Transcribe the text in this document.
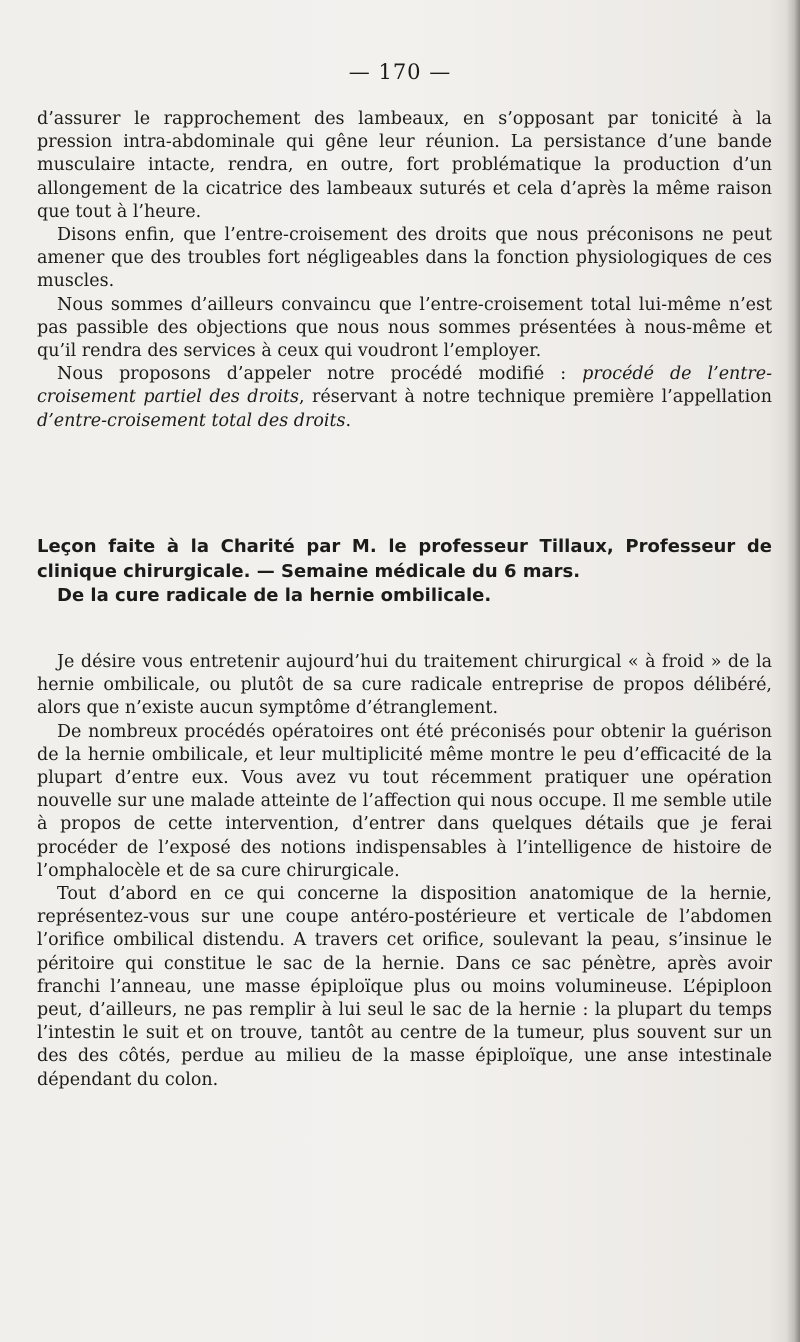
— 170 —

d’assurer le rapprochement des lambeaux, en s’opposant par tonicité à la pression intra-abdominale qui gêne leur réunion. La persistance d’une bande musculaire intacte, rendra, en outre, fort problématique la production d’un allongement de la cicatrice des lambeaux suturés et cela d’après la même raison que tout à l’heure.

Disons enfin, que l’entre-croisement des droits que nous préconisons ne peut amener que des troubles fort négligeables dans la fonction physiologiques de ces muscles.

Nous sommes d’ailleurs convaincu que l’entre-croisement total lui-même n’est pas passible des objections que nous nous sommes présentées à nous-même et qu’il rendra des services à ceux qui voudront l’employer.

Nous proposons d’appeler notre procédé modifié : procédé de l’entre-croisement partiel des droits, réservant à notre technique première l’appellation d’entre-croisement total des droits.

Leçon faite à la Charité par M. le professeur Tillaux, Professeur de clinique chirurgicale. — Semaine médicale du 6 mars.
De la cure radicale de la hernie ombilicale.

Je désire vous entretenir aujourd’hui du traitement chirurgical « à froid » de la hernie ombilicale, ou plutôt de sa cure radicale entreprise de propos délibéré, alors que n’existe aucun symptôme d’étranglement.

De nombreux procédés opératoires ont été préconisés pour obtenir la guérison de la hernie ombilicale, et leur multiplicité même montre le peu d’efficacité de la plupart d’entre eux. Vous avez vu tout récemment pratiquer une opération nouvelle sur une malade atteinte de l’affection qui nous occupe. Il me semble utile à propos de cette intervention, d’entrer dans quelques détails que je ferai procéder de l’exposé des notions indispensables à l’intelligence de histoire de l’omphalocèle et de sa cure chirurgicale.

Tout d’abord en ce qui concerne la disposition anatomique de la hernie, représentez-vous sur une coupe antéro-postérieure et verticale de l’abdomen l’orifice ombilical distendu. A travers cet orifice, soulevant la peau, s’insinue le péritoire qui constitue le sac de la hernie. Dans ce sac pénètre, après avoir franchi l’anneau, une masse épiploïque plus ou moins volumineuse. L’épiploon peut, d’ailleurs, ne pas remplir à lui seul le sac de la hernie : la plupart du temps l’intestin le suit et on trouve, tantôt au centre de la tumeur, plus souvent sur un des des côtés, perdue au milieu de la masse épiploïque, une anse intestinale dépendant du colon.
